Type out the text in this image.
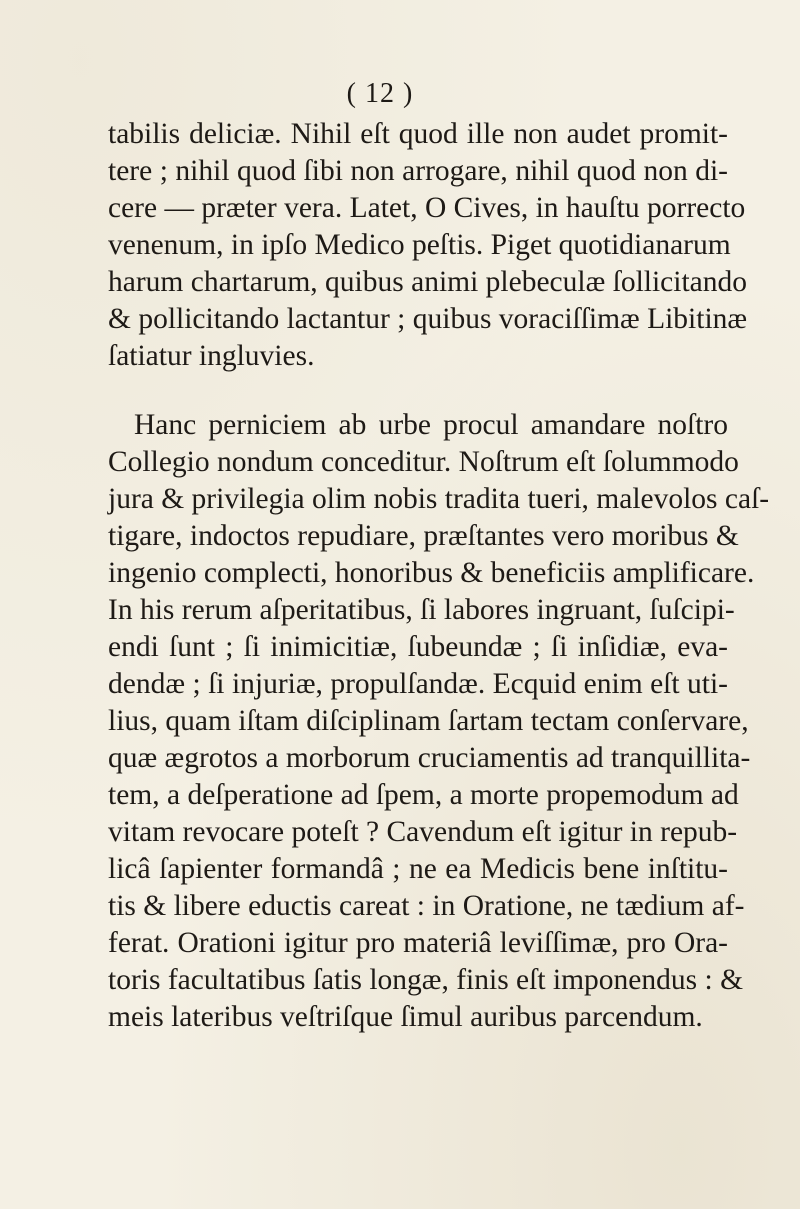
( 12 )
tabilis deliciæ. Nihil eſt quod ille non audet promit-
tere ; nihil quod ſibi non arrogare, nihil quod non di-
cere — præter vera. Latet, O Cives, in hauſtu porrecto
venenum, in ipſo Medico peſtis. Piget quotidianarum
harum chartarum, quibus animi plebeculæ ſollicitando
& pollicitando lactantur ; quibus voraciſſimæ Libitinæ
ſatiatur ingluvies.
Hanc perniciem ab urbe procul amandare noſtro
Collegio nondum conceditur. Noſtrum eſt ſolummodo
jura & privilegia olim nobis tradita tueri, malevolos caſ-
tigare, indoctos repudiare, præſtantes vero moribus &
ingenio complecti, honoribus & beneficiis amplificare.
In his rerum aſperitatibus, ſi labores ingruant, ſuſcipi-
endi ſunt ; ſi inimicitiæ, ſubeundæ ; ſi inſidiæ, eva-
dendæ ; ſi injuriæ, propulſandæ. Ecquid enim eſt uti-
lius, quam iſtam diſciplinam ſartam tectam conſervare,
quæ ægrotos a morborum cruciamentis ad tranquillita-
tem, a deſperatione ad ſpem, a morte propemodum ad
vitam revocare poteſt ? Cavendum eſt igitur in repub-
licâ ſapienter formandâ ; ne ea Medicis bene inſtitu-
tis & libere eductis careat : in Oratione, ne tædium af-
ferat. Orationi igitur pro materiâ leviſſimæ, pro Ora-
toris facultatibus ſatis longæ, finis eſt imponendus : &
meis lateribus veſtriſque ſimul auribus parcendum.
